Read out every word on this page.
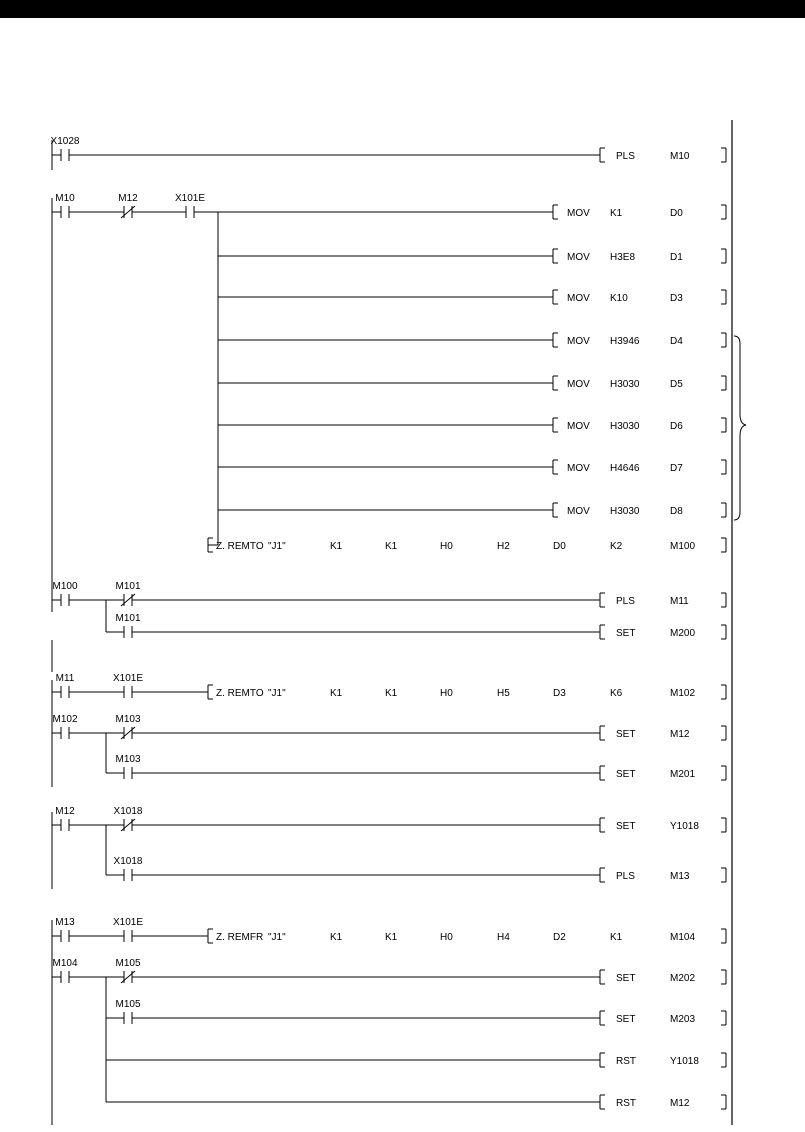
X1028
PLS	M10
M10	M12	X101E
MOV K1	D0
M100	M101
PLS	M11
M11	X101E
Z. REMTO "J1"	K1	K1	H0	H5	D3	K6	M102
M102	M103
SET	M12
M12	X1018
SET	Y1018
M13	X101E
Z. REMFR "J1"	K1	K1	H0	H4	D2	K1	M104
M104	M105
SET	M202
MOV H3E8	D1
MOV K10	D3
MOV H3946	D4
MOV H3030	D5
MOV H3030	D6
MOV H4646	D7
MOV H3030	D8
Z. REMTO "J1"	K1	K1	H0	H2	D0	K2	M100
M101
SET	M200
M103
SET	M201
X1018
PLS	M13
M105
SET	M203
RST	Y1018
RST	M12
